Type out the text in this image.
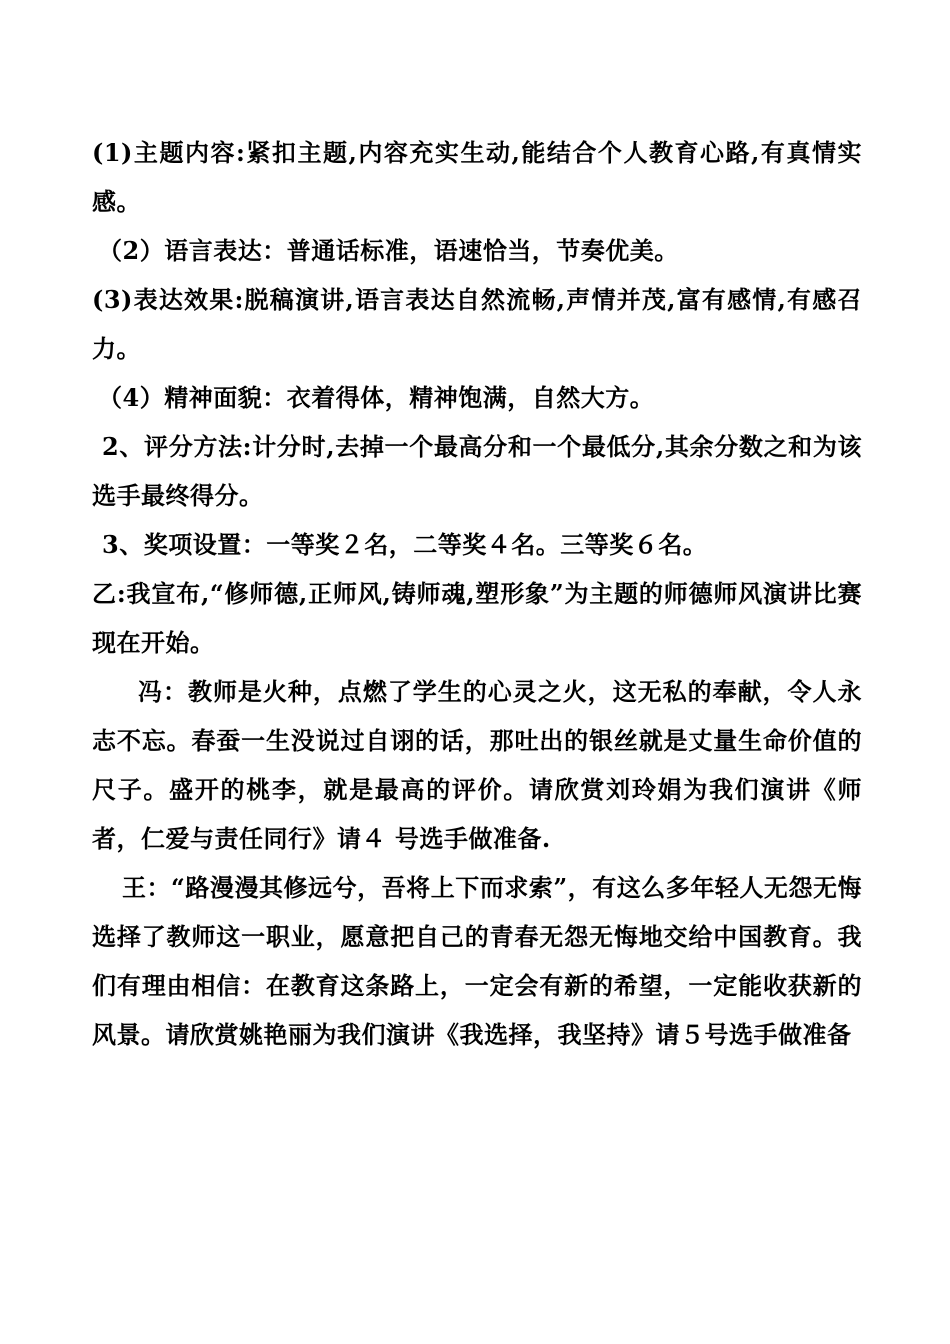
(1)主题内容:紧扣主题,内容充实生动,能结合个人教育心路,有真情实感。

（2）语言表达：普通话标准，语速恰当，节奏优美。

(3)表达效果:脱稿演讲,语言表达自然流畅,声情并茂,富有感情,有感召力。

（4）精神面貌：衣着得体，精神饱满，自然大方。

2、评分方法:计分时,去掉一个最高分和一个最低分,其余分数之和为该选手最终得分。

3、奖项设置：一等奖２名，二等奖４名。三等奖６名。

乙:我宣布,“修师德,正师风,铸师魂,塑形象”为主题的师德师风演讲比赛现在开始。

冯：教师是火种，点燃了学生的心灵之火，这无私的奉献，令人永志不忘。春蚕一生没说过自诩的话，那吐出的银丝就是丈量生命价值的尺子。盛开的桃李，就是最高的评价。请欣赏刘玲娟为我们演讲《师者，仁爱与责任同行》请４ 号选手做准备.

王：“路漫漫其修远兮，吾将上下而求索”，有这么多年轻人无怨无悔选择了教师这一职业，愿意把自己的青春无怨无悔地交给中国教育。我们有理由相信：在教育这条路上，一定会有新的希望，一定能收获新的风景。请欣赏姚艳丽为我们演讲《我选择，我坚持》请５号选手做准备
